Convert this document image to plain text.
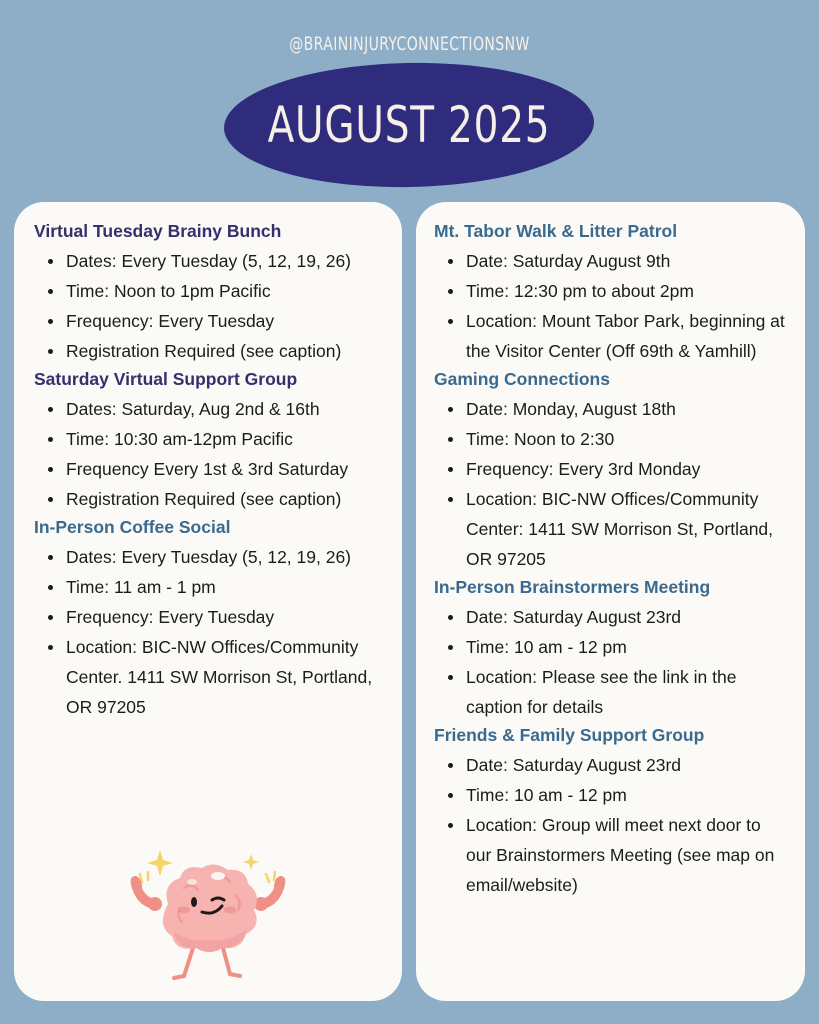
@BRAININJURYCONNECTIONSNW
AUGUST 2025
Virtual Tuesday Brainy Bunch
Dates: Every Tuesday (5, 12, 19, 26)
Time: Noon to 1pm Pacific
Frequency: Every Tuesday
Registration Required (see caption)
Saturday Virtual Support Group
Dates: Saturday, Aug 2nd & 16th
Time: 10:30 am-12pm Pacific
Frequency Every 1st & 3rd Saturday
Registration Required (see caption)
In-Person Coffee Social
Dates: Every Tuesday (5, 12, 19, 26)
Time: 11 am - 1 pm
Frequency: Every Tuesday
Location: BIC-NW Offices/Community Center. 1411 SW Morrison St, Portland, OR 97205
Mt. Tabor Walk & Litter Patrol
Date: Saturday August 9th
Time: 12:30 pm to about 2pm
Location: Mount Tabor Park, beginning at the Visitor Center (Off 69th & Yamhill)
Gaming Connections
Date: Monday, August 18th
Time: Noon to 2:30
Frequency: Every 3rd Monday
Location: BIC-NW Offices/Community Center: 1411 SW Morrison St, Portland, OR 97205
In-Person Brainstormers Meeting
Date: Saturday August 23rd
Time: 10 am - 12 pm
Location: Please see the link in the caption for details
Friends & Family Support Group
Date: Saturday August 23rd
Time: 10 am - 12 pm
Location: Group will meet next door to our Brainstormers Meeting (see map on email/website)
